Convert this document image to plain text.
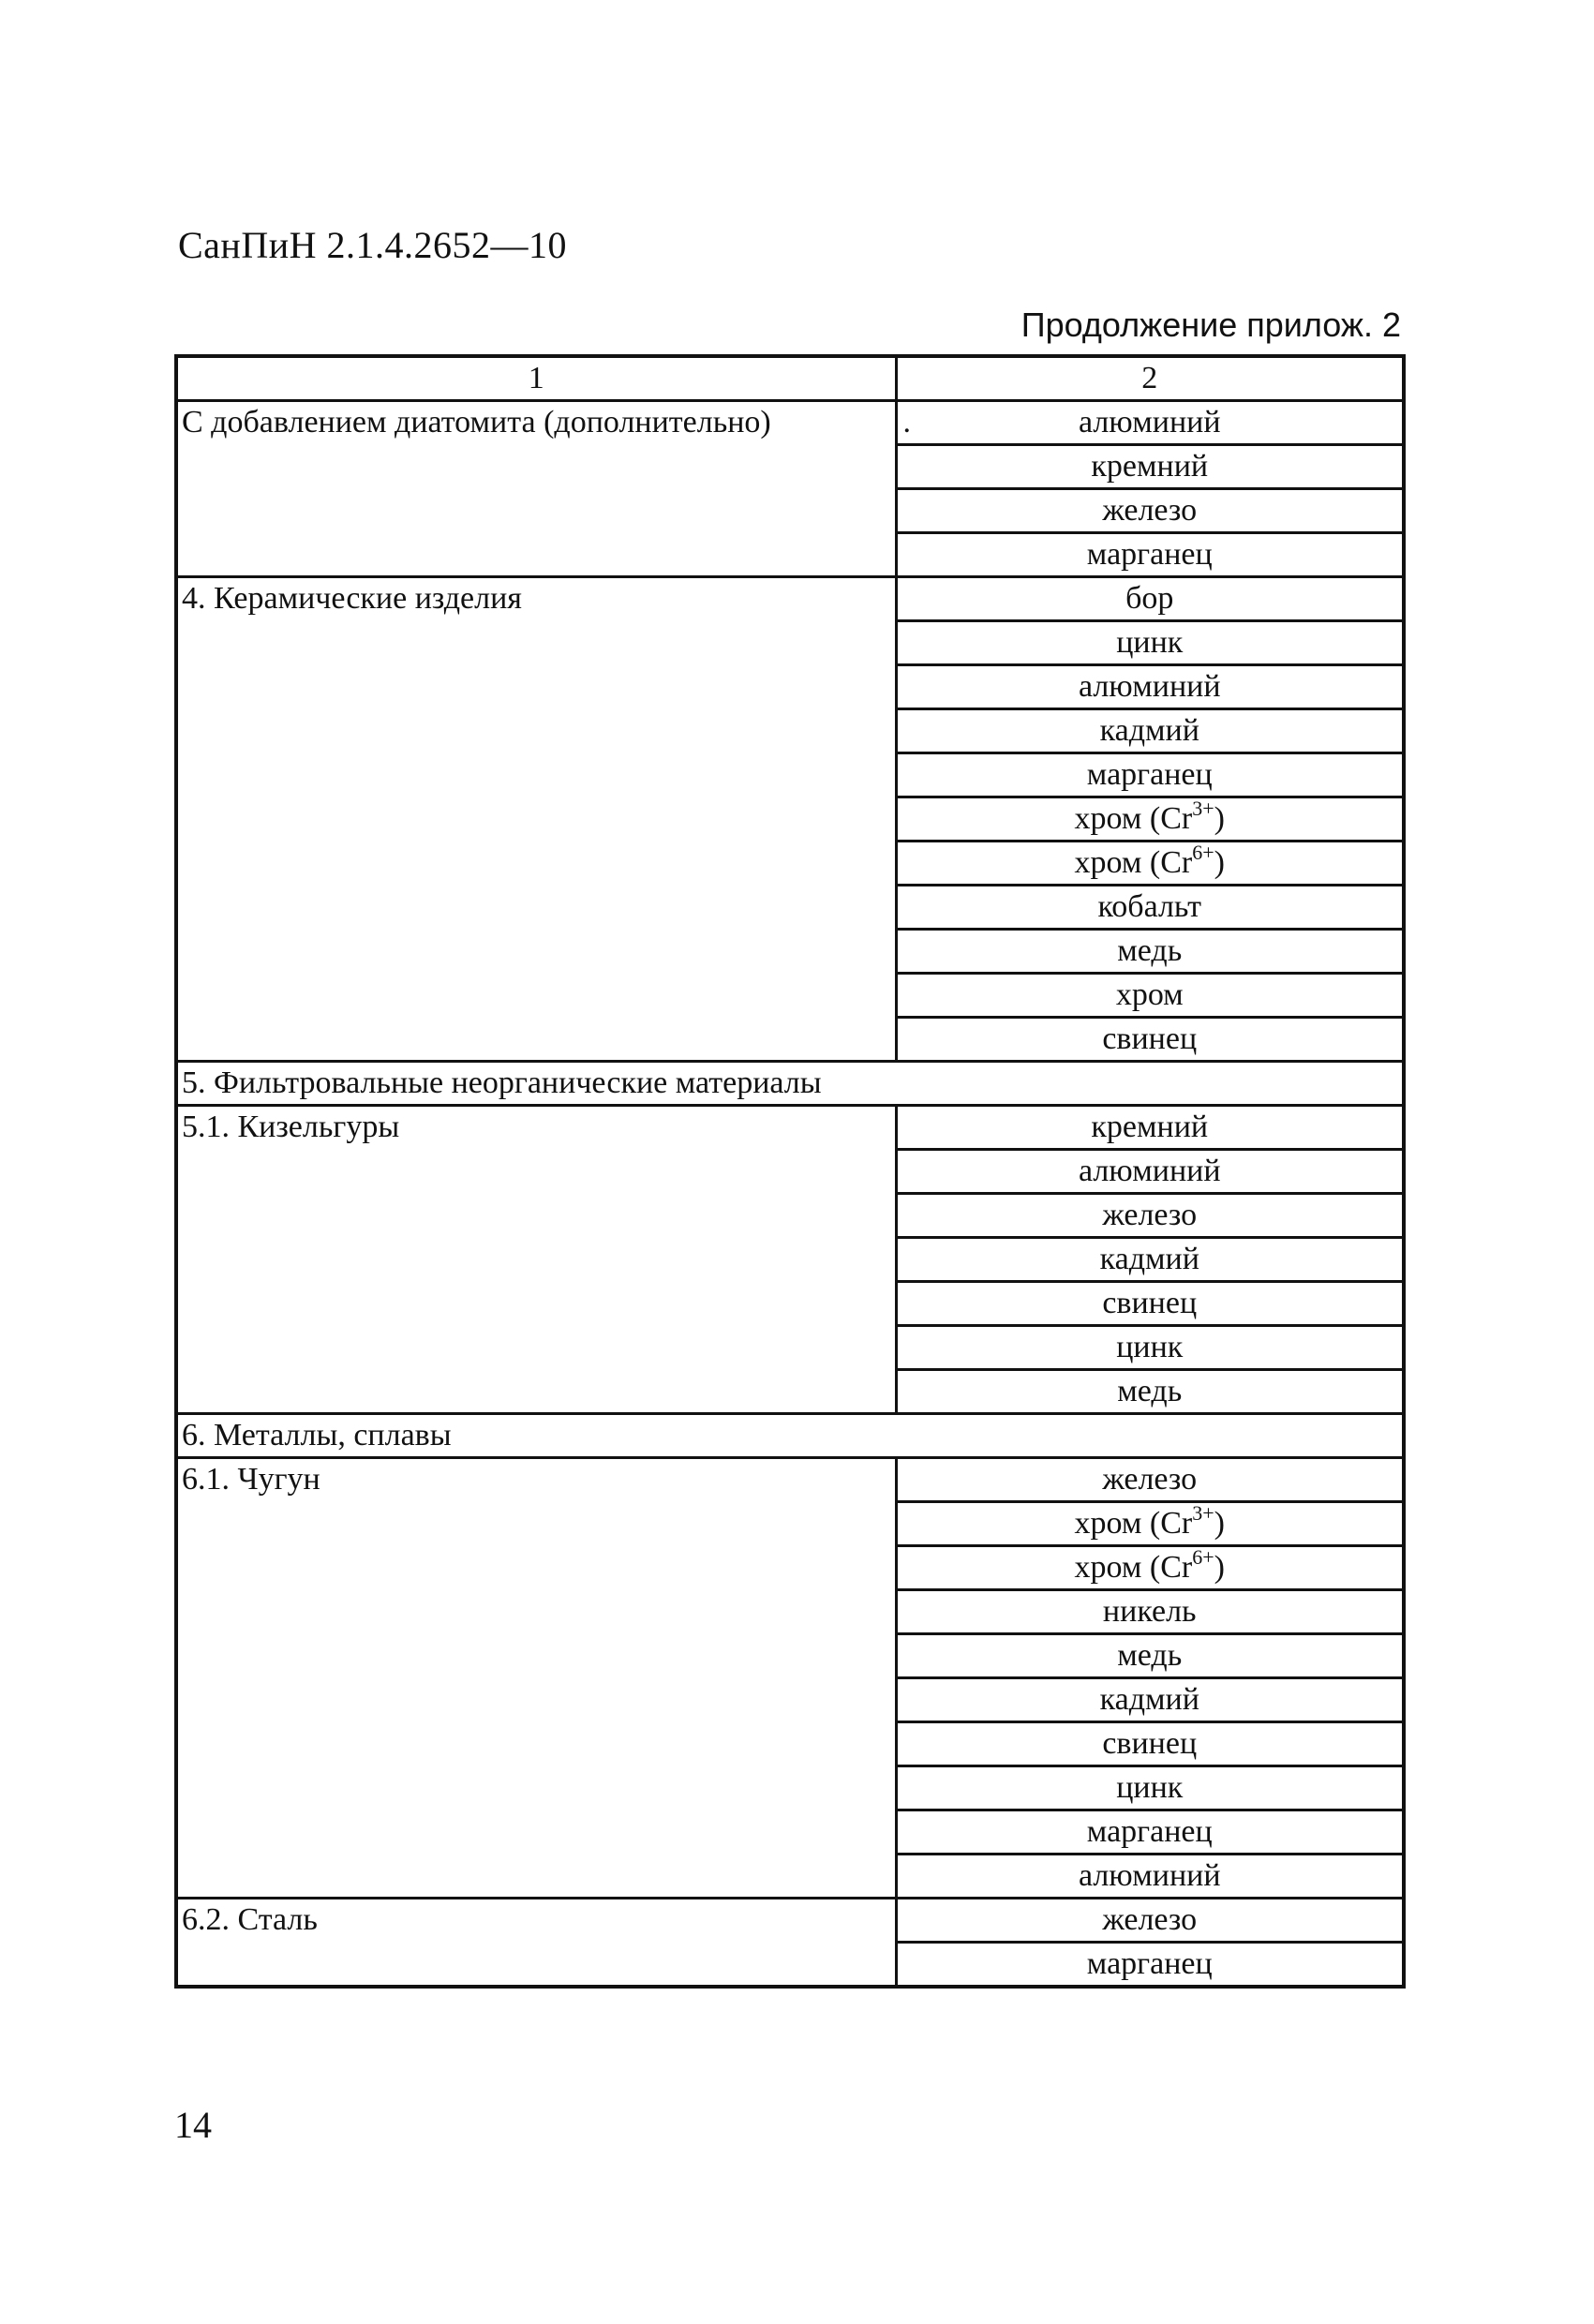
СанПиН 2.1.4.2652—10
Продолжение прилож. 2
1	2
С добавлением диатомита (дополнительно)	. алюминий
	кремний
	железо
	марганец
4. Керамические изделия	бор
	цинк
	алюминий
	кадмий
	марганец
	хром $(Cr^{3+})$
	хром $(Cr^{6+})$
	кобальт
	медь
	хром
	свинец
5. Фильтровальные неорганические материалы	
5.1. Кизельгуры	кремний
	алюминий
	железо
	кадмий
	свинец
	цинк
	медь
6. Металлы, сплавы	
6.1. Чугун	железо
	хром $(Cr^{3+})$
	хром $(Cr^{6+})$
	никель
	медь
	кадмий
	свинец
	цинк
	марганец
	алюминий
6.2. Сталь	железо
	марганец
14
